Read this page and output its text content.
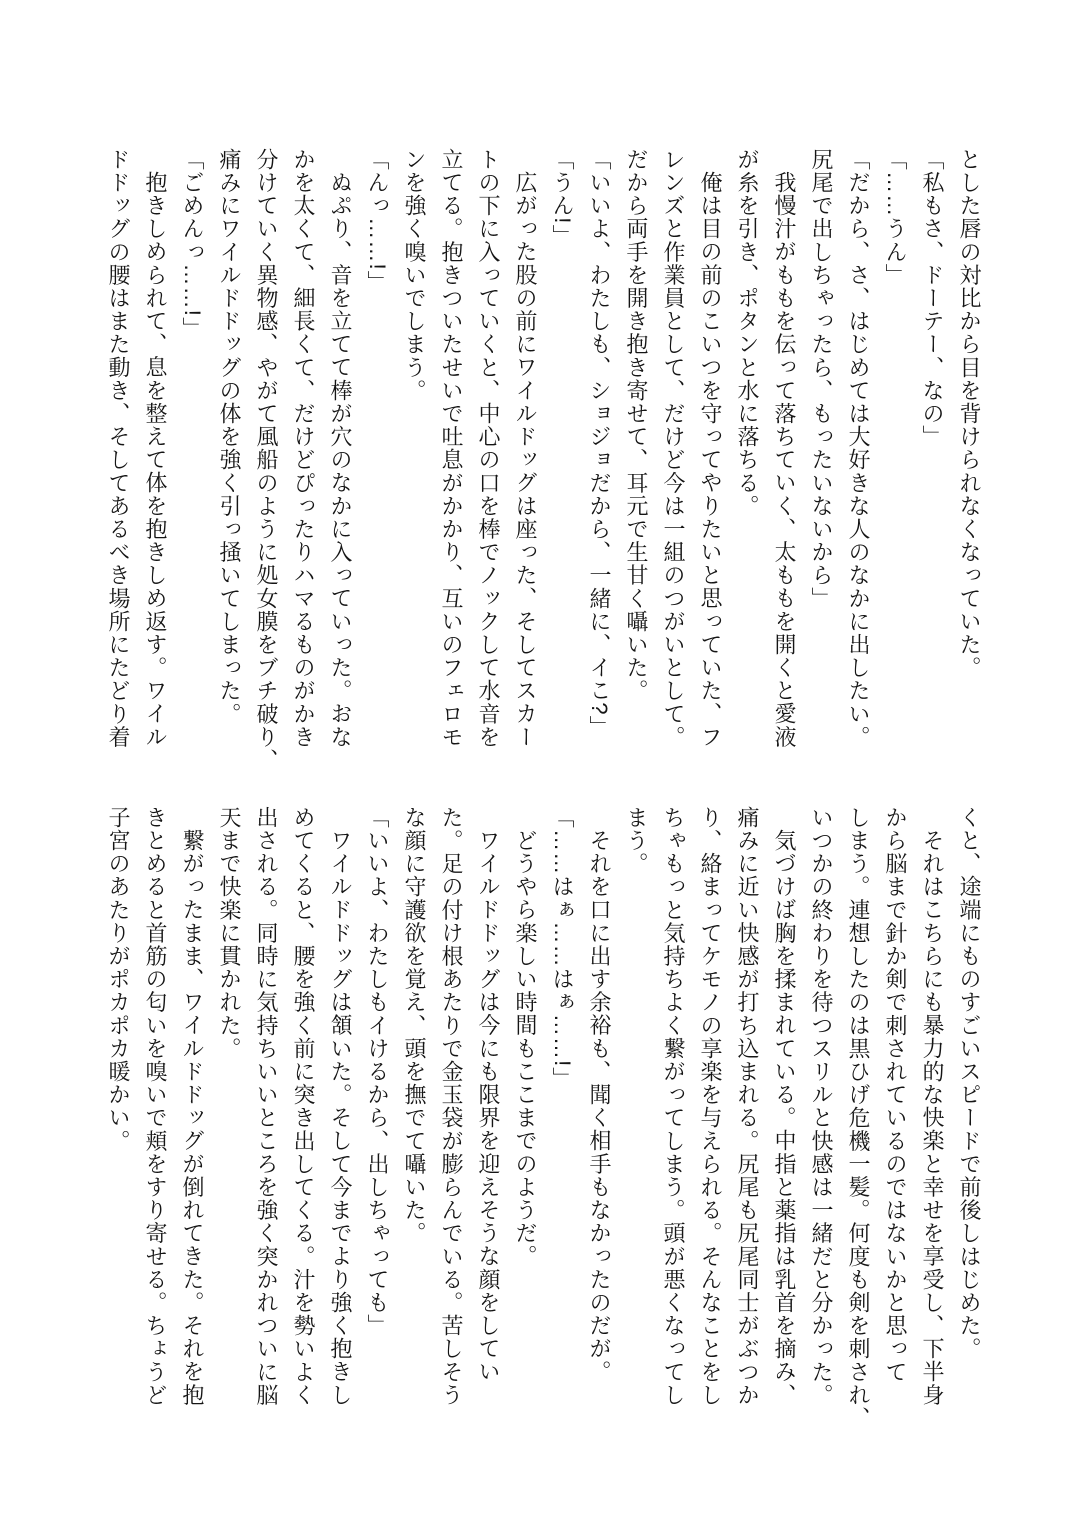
とした唇の対比から目を背けられなくなっていた。
「私もさ、ドーテー、なの」
「……うん」
「だから、さ、はじめては大好きな人のなかに出したい。
尻尾で出しちゃったら、もったいないから」
我慢汁がももを伝って落ちていく、太ももを開くと愛液
が糸を引き、ポタンと水に落ちる。
俺は目の前のこいつを守ってやりたいと思っていた、フ
レンズと作業員として、だけど今は一組のつがいとして。
だから両手を開き抱き寄せて、耳元で生甘く囁いた。
「いいよ、わたしも、ショジョだから、一緒に、イこ?」
「うん!」
広がった股の前にワイルドッグは座った、そしてスカー
トの下に入っていくと、中心の口を棒でノックして水音を
立てる。抱きついたせいで吐息がかかり、互いのフェロモ
ンを強く嗅いでしまう。
「んっ……!」
ぬぷり、音を立てて棒が穴のなかに入っていった。おな
かを太くて、細長くて、だけどぴったりハマるものがかき
分けていく異物感、やがて風船のように処女膜をブチ破り、
痛みにワイルドドッグの体を強く引っ掻いてしまった。
「ごめんっ……!」
抱きしめられて、息を整えて体を抱きしめ返す。ワイル
ドドッグの腰はまた動き、そしてあるべき場所にたどり着
くと、途端にものすごいスピードで前後しはじめた。
それはこちらにも暴力的な快楽と幸せを享受し、下半身
から脳まで針か剣で刺されているのではないかと思って
しまう。連想したのは黒ひげ危機一髪。何度も剣を刺され、
いつかの終わりを待つスリルと快感は一緒だと分かった。
気づけば胸を揉まれている。中指と薬指は乳首を摘み、
痛みに近い快感が打ち込まれる。尻尾も尻尾同士がぶつか
り、絡まってケモノの享楽を与えられる。そんなことをし
ちゃもっと気持ちよく繋がってしまう。頭が悪くなってし
まう。
それを口に出す余裕も、聞く相手もなかったのだが。
「……はぁ……はぁ……!」
どうやら楽しい時間もここまでのようだ。
ワイルドドッグは今にも限界を迎えそうな顔をしてい
た。足の付け根あたりで金玉袋が膨らんでいる。苦しそう
な顔に守護欲を覚え、頭を撫でて囁いた。
「いいよ、わたしもイけるから、出しちゃっても」
ワイルドドッグは頷いた。そして今までより強く抱きし
めてくると、腰を強く前に突き出してくる。汁を勢いよく
出される。同時に気持ちいいところを強く突かれついに脳
天まで快楽に貫かれた。
繋がったまま、ワイルドドッグが倒れてきた。それを抱
きとめると首筋の匂いを嗅いで頬をすり寄せる。ちょうど
子宮のあたりがポカポカ暖かい。
